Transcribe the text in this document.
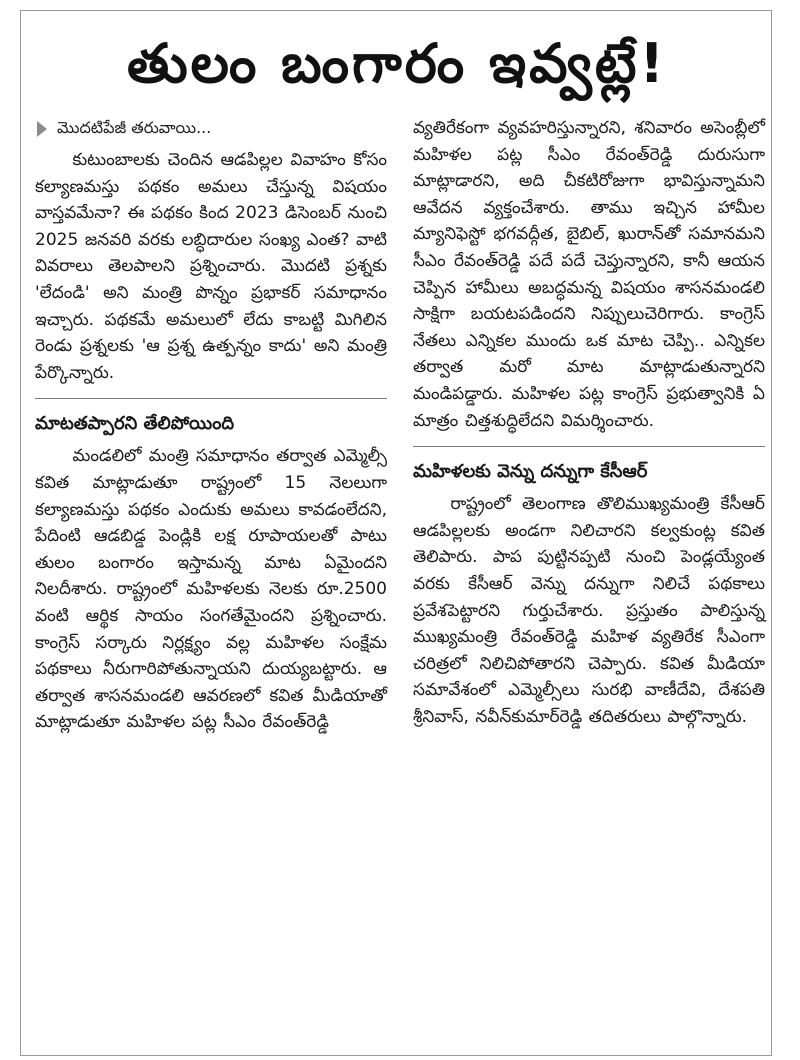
తులం బంగారం ఇవ్వట్లే!
మొదటిపేజీ తరువాయి...

కుటుంబాలకు చెందిన ఆడపిల్లల వివాహం కోసం కల్యాణమస్తు పథకం అమలు చేస్తున్న విషయం వాస్తవమేనా? ఈ పథకం కింద 2023 డిసెంబర్ నుంచి 2025 జనవరి వరకు లబ్ధిదారుల సంఖ్య ఎంత? వాటి వివరాలు తెలపాలని ప్రశ్నించారు. మొదటి ప్రశ్నకు 'లేదండి' అని మంత్రి పొన్నం ప్రభాకర్ సమాధానం ఇచ్చారు. పథకమే అమలులో లేదు కాబట్టి మిగిలిన రెండు ప్రశ్నలకు 'ఆ ప్రశ్న ఉత్పన్నం కాదు' అని మంత్రి పేర్కొన్నారు.

మాటతప్పారని తేలిపోయింది

మండలిలో మంత్రి సమాధానం తర్వాత ఎమ్మెల్సీ కవిత మాట్లాడుతూ రాష్ట్రంలో 15 నెలలుగా కల్యాణమస్తు పథకం ఎందుకు అమలు కావడంలేదని, పేదింటి ఆడబిడ్డ పెండ్లికి లక్ష రూపాయలతో పాటు తులం బంగారం ఇస్తామన్న మాట ఏమైందని నిలదీశారు. రాష్ట్రంలో మహిళలకు నెలకు రూ.2500 వంటి ఆర్థిక సాయం సంగతేమైందని ప్రశ్నించారు. కాంగ్రెస్ సర్కారు నిర్లక్ష్యం వల్ల మహిళల సంక్షేమ పథకాలు నీరుగారిపోతున్నాయని దుయ్యబట్టారు. ఆ తర్వాత శాసనమండలి ఆవరణలో కవిత మీడియాతో మాట్లాడుతూ మహిళల పట్ల సీఎం రేవంత్‌రెడ్డి

వ్యతిరేకంగా వ్యవహరిస్తున్నారని, శనివారం అసెంబ్లీలో మహిళల పట్ల సీఎం రేవంత్‌రెడ్డి దురుసుగా మాట్లాడారని, అది చీకటిరోజుగా భావిస్తున్నామని ఆవేదన వ్యక్తంచేశారు. తాము ఇచ్చిన హామీల మ్యానిఫెస్టో భగవద్గీత, బైబిల్, ఖురాన్‌తో సమానమని సీఎం రేవంత్‌రెడ్డి పదే పదే చెప్తున్నారని, కానీ ఆయన చెప్పిన హామీలు అబద్ధమన్న విషయం శాసనమండలి సాక్షిగా బయటపడిందని నిప్పులుచెరిగారు. కాంగ్రెస్ నేతలు ఎన్నికల ముందు ఒక మాట చెప్పి.. ఎన్నికల తర్వాత మరో మాట మాట్లాడుతున్నారని మండిపడ్డారు. మహిళల పట్ల కాంగ్రెస్ ప్రభుత్వానికి ఏ మాత్రం చిత్తశుద్ధిలేదని విమర్శించారు.

మహిళలకు వెన్ను దన్నుగా కేసీఆర్

రాష్ట్రంలో తెలంగాణ తొలిముఖ్యమంత్రి కేసీఆర్ ఆడపిల్లలకు అండగా నిలిచారని కల్వకుంట్ల కవిత తెలిపారు. పాప పుట్టినప్పటి నుంచి పెండ్లయ్యేంత వరకు కేసీఆర్ వెన్ను దన్నుగా నిలిచే పథకాలు ప్రవేశపెట్టారని గుర్తుచేశారు. ప్రస్తుతం పాలిస్తున్న ముఖ్యమంత్రి రేవంత్‌రెడ్డి మహిళ వ్యతిరేక సీఎంగా చరిత్రలో నిలిచిపోతారని చెప్పారు. కవిత మీడియా సమావేశంలో ఎమ్మెల్సీలు సురభి వాణీదేవి, దేశపతి శ్రీనివాస్, నవీన్‌కుమార్‌రెడ్డి తదితరులు పాల్గొన్నారు.
